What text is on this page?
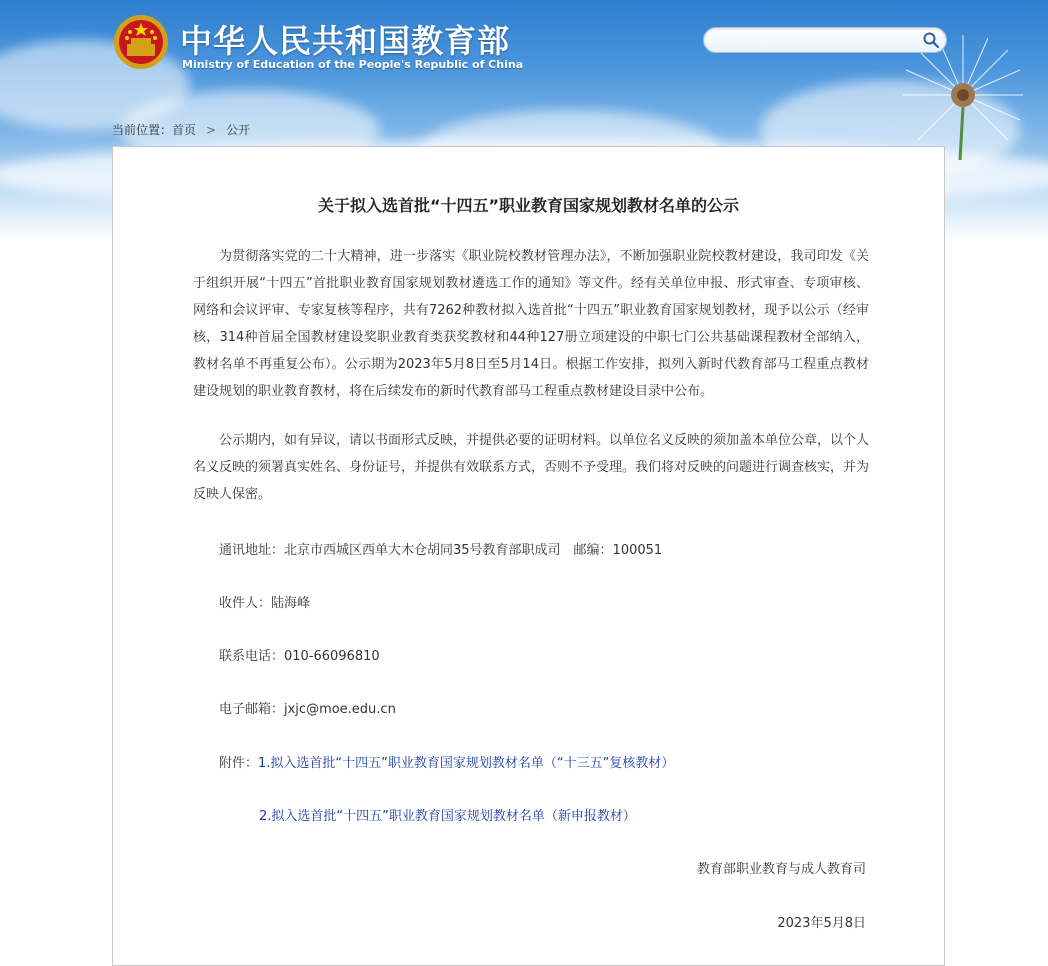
中华人民共和国教育部
Ministry of Education of the People's Republic of China
当前位置：首页 > 公开
关于拟入选首批“十四五”职业教育国家规划教材名单的公示

为贯彻落实党的二十大精神，进一步落实《职业院校教材管理办法》，不断加强职业院校教材建设，我司印发《关于组织开展“十四五”首批职业教育国家规划教材遴选工作的通知》等文件。经有关单位申报、形式审查、专项审核、网络和会议评审、专家复核等程序，共有7262种教材拟入选首批“十四五”职业教育国家规划教材，现予以公示（经审核，314种首届全国教材建设奖职业教育类获奖教材和44种127册立项建设的中职七门公共基础课程教材全部纳入，教材名单不再重复公布）。公示期为2023年5月8日至5月14日。根据工作安排，拟列入新时代教育部马工程重点教材建设规划的职业教育教材，将在后续发布的新时代教育部马工程重点教材建设目录中公布。

公示期内，如有异议，请以书面形式反映，并提供必要的证明材料。以单位名义反映的须加盖本单位公章，以个人名义反映的须署真实姓名、身份证号，并提供有效联系方式，否则不予受理。我们将对反映的问题进行调查核实，并为反映人保密。

通讯地址：北京市西城区西单大木仓胡同35号教育部职成司　邮编：100051

收件人：陆海峰

联系电话：010-66096810

电子邮箱：jxjc@moe.edu.cn

附件：1.拟入选首批“十四五”职业教育国家规划教材名单（“十三五”复核教材）

2.拟入选首批“十四五”职业教育国家规划教材名单（新申报教材）

教育部职业教育与成人教育司
2023年5月8日
